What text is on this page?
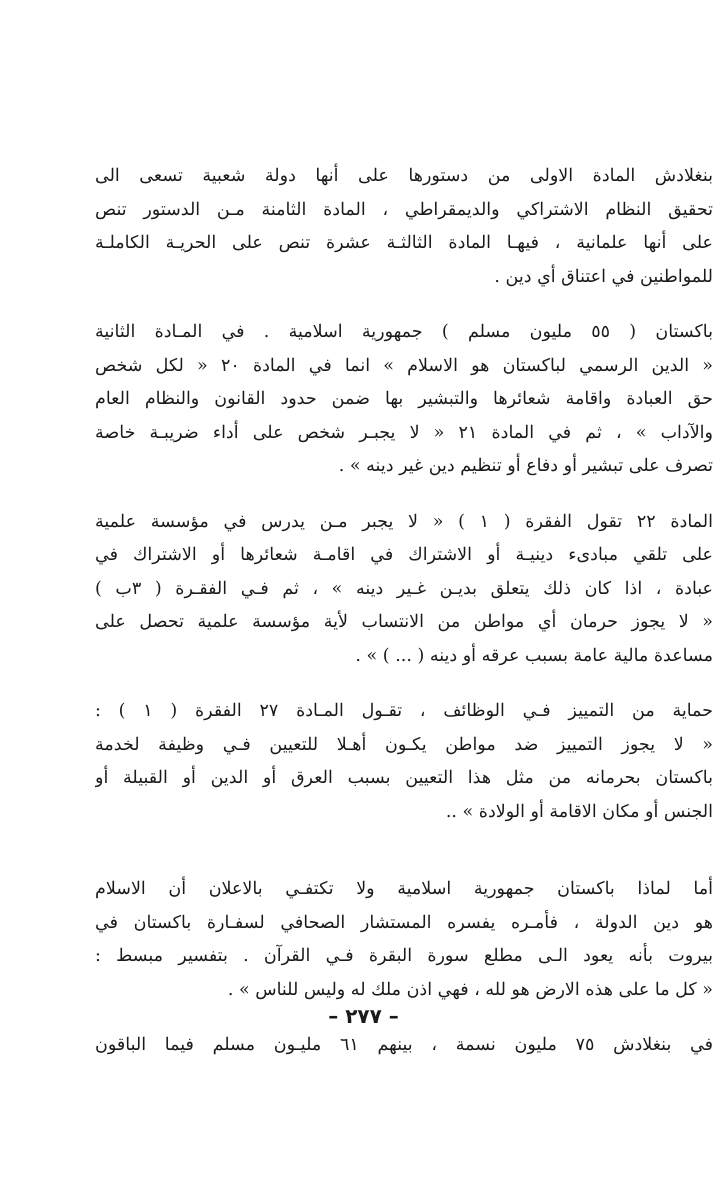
بنغلادش المادة الاولى من دستورها على أنها دولة شعبية تسعى الى
تحقيق النظام الاشتراكي والديمقراطي ، المادة الثامنة مـن الدستور تنص
على أنها علمانية ، فيهـا المادة الثالثـة عشرة تنص على الحريـة الكاملـة
للمواطنين في اعتناق أي دين .
باكستان ( ٥٥ مليون مسلم ) جمهورية اسلامية . في المـادة الثانية
« الدين الرسمي لباكستان هو الاسلام » انما في المادة ٢٠ « لكل شخص
حق العبادة واقامة شعائرها والتبشير بها ضمن حدود القانون والنظام العام
والآداب » ، ثم في المادة ٢١ « لا يجبـر شخص على أداء ضريبـة خاصة
تصرف على تبشير أو دفاع أو تنظيم دين غير دينه » .
المادة ٢٢ تقول الفقرة ( ١ ) « لا يجبر مـن يدرس في مؤسسة علمية
على تلقي مبادىء دينيـة أو الاشتراك في اقامـة شعائرها أو الاشتراك في
عبادة ، اذا كان ذلك يتعلق بديـن غـير دينه » ، ثم فـي الفقـرة ( ٣ب )
« لا يجوز حرمان أي مواطن من الانتساب لأية مؤسسة علمية تحصل على
مساعدة مالية عامة بسبب عرقه أو دينه ( ... ) » .
حماية من التمييز فـي الوظائف ، تقـول المـادة ٢٧ الفقرة ( ١ ) :
« لا يجوز التمييز ضد مواطن يكـون أهـلا للتعيين فـي وظيفة لخدمة
باكستان بحرمانه من مثل هذا التعيين بسبب العرق أو الدين أو القبيلة أو
الجنس أو مكان الاقامة أو الولادة » ..
أما لماذا باكستان جمهورية اسلامية ولا تكتفـي بالاعلان أن الاسلام
هو دين الدولة ، فأمـره يفسره المستشار الصحافي لسفـارة باكستان في
بيروت بأنه يعود الـى مطلع سورة البقرة فـي القرآن . بتفسير مبسط :
« كل ما على هذه الارض هو لله ، فهي اذن ملك له وليس للناس » .
في بنغلادش ٧٥ مليون نسمة ، بينهم ٦١ مليـون مسلم فيما الباقون
– ٢٧٧ –
